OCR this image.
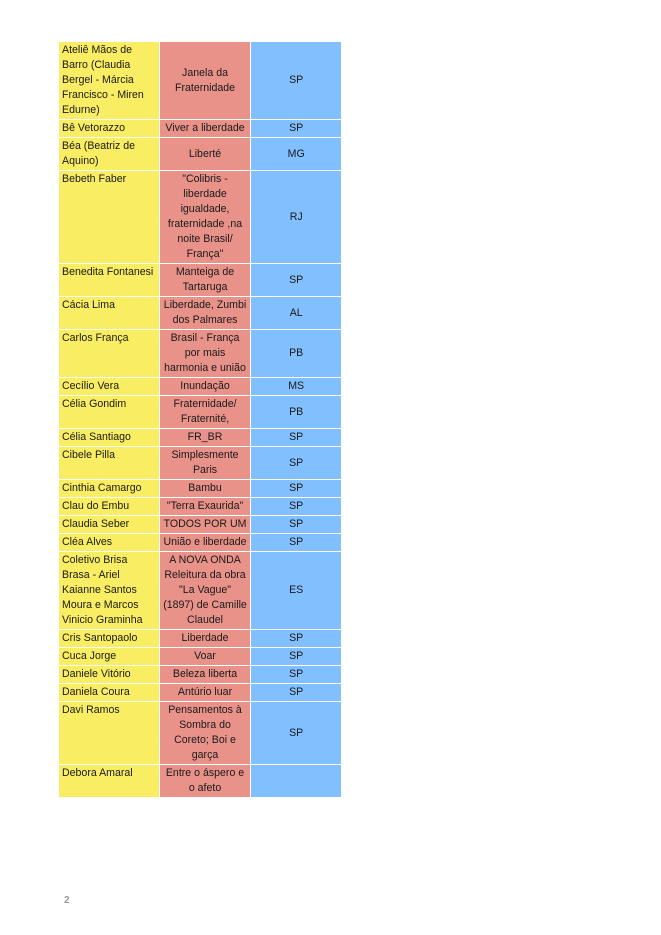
Ateliê Mãos de Barro (Claudia Bergel - Márcia Francisco - Miren Edurne)	Janela da Fraternidade	SP
Bê Vetorazzo	Viver a liberdade	SP
Béa (Beatriz de Aquino)	Liberté	MG
Bebeth Faber	"Colibris - liberdade igualdade, fraternidade ,na noite Brasil/ França"	RJ
Benedita Fontanesi	Manteiga de Tartaruga	SP
Cácia Lima	Liberdade, Zumbi dos Palmares	AL
Carlos França	Brasil - França por mais harmonia e união	PB
Cecílio Vera	Inundação	MS
Célia Gondim	Fraternidade/ Fraternité,	PB
Célia Santiago	FR_BR	SP
Cibele Pilla	Simplesmente Paris	SP
Cinthia Camargo	Bambu	SP
Clau do Embu	"Terra Exaurida"	SP
Claudia Seber	TODOS POR UM	SP
Cléa Alves	União e liberdade	SP
Coletivo Brisa Brasa - Ariel Kaianne Santos Moura e Marcos Vinicio Graminha	A NOVA ONDA Releitura da obra "La Vague" (1897) de Camille Claudel	ES
Cris Santopaolo	Liberdade	SP
Cuca Jorge	Voar	SP
Daniele Vitório	Beleza liberta	SP
Daniela Coura	Antúrio luar	SP
Davi Ramos	Pensamentos à Sombra do Coreto; Boi e garça	SP
Debora Amaral	Entre o áspero e o afeto	
2
